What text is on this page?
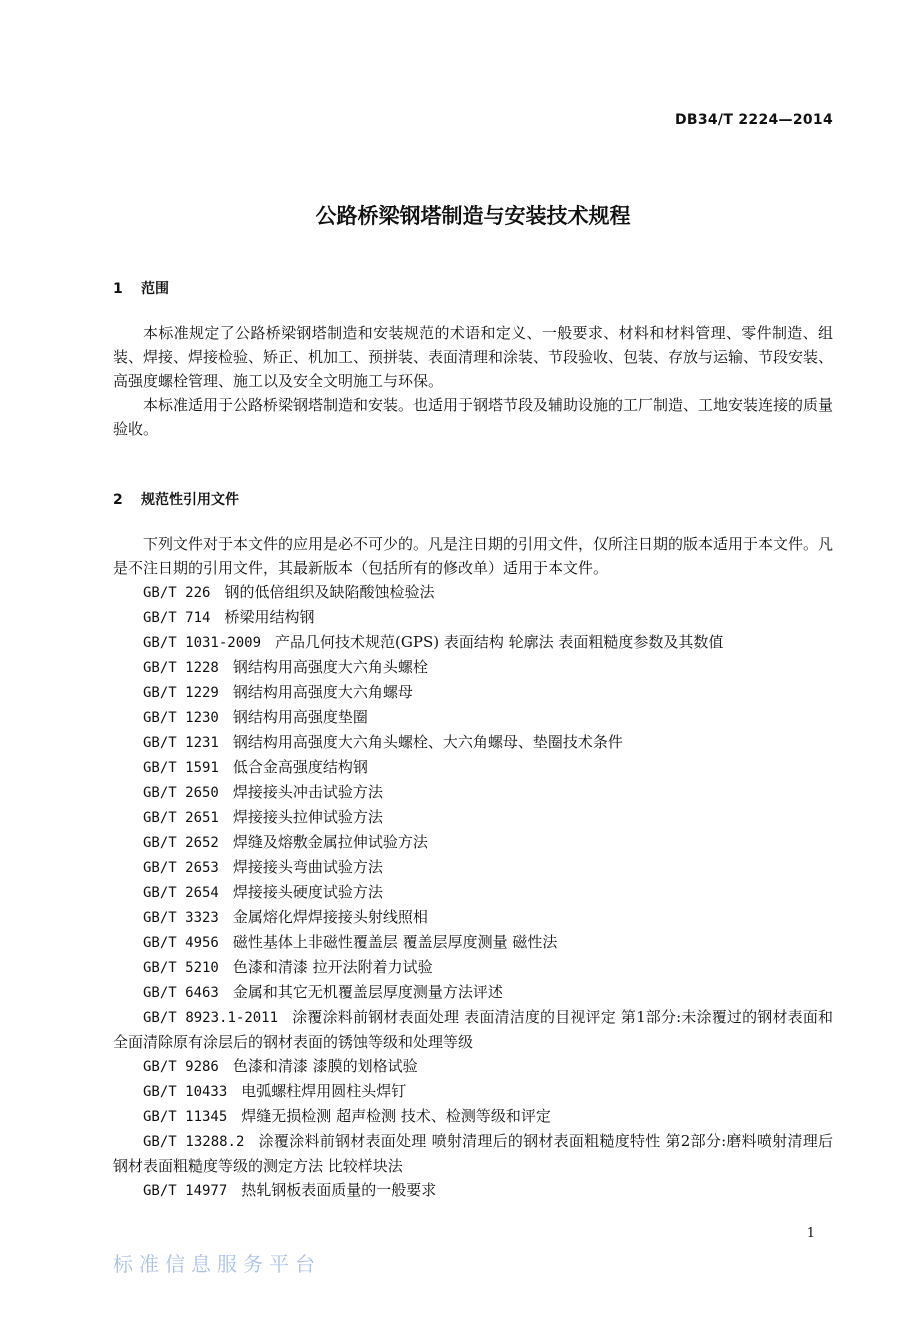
DB34/T 2224—2014

公路桥梁钢塔制造与安装技术规程
1 范围

本标准规定了公路桥梁钢塔制造和安装规范的术语和定义、一般要求、材料和材料管理、零件制造、组装、焊接、焊接检验、矫正、机加工、预拼装、表面清理和涂装、节段验收、包装、存放与运输、节段安装、高强度螺栓管理、施工以及安全文明施工与环保。

本标准适用于公路桥梁钢塔制造和安装。也适用于钢塔节段及辅助设施的工厂制造、工地安装连接的质量验收。

2 规范性引用文件

下列文件对于本文件的应用是必不可少的。凡是注日期的引用文件，仅所注日期的版本适用于本文件。凡是不注日期的引用文件，其最新版本（包括所有的修改单）适用于本文件。

GB/T 226 钢的低倍组织及缺陷酸蚀检验法
GB/T 714 桥梁用结构钢
GB/T 1031-2009 产品几何技术规范(GPS) 表面结构 轮廓法 表面粗糙度参数及其数值
GB/T 1228 钢结构用高强度大六角头螺栓
GB/T 1229 钢结构用高强度大六角螺母
GB/T 1230 钢结构用高强度垫圈
GB/T 1231 钢结构用高强度大六角头螺栓、大六角螺母、垫圈技术条件
GB/T 1591 低合金高强度结构钢
GB/T 2650 焊接接头冲击试验方法
GB/T 2651 焊接接头拉伸试验方法
GB/T 2652 焊缝及熔敷金属拉伸试验方法
GB/T 2653 焊接接头弯曲试验方法
GB/T 2654 焊接接头硬度试验方法
GB/T 3323 金属熔化焊焊接接头射线照相
GB/T 4956 磁性基体上非磁性覆盖层 覆盖层厚度测量 磁性法
GB/T 5210 色漆和清漆 拉开法附着力试验
GB/T 6463 金属和其它无机覆盖层厚度测量方法评述
GB/T 8923.1-2011 涂覆涂料前钢材表面处理 表面清洁度的目视评定 第1部分:未涂覆过的钢材表面和全面清除原有涂层后的钢材表面的锈蚀等级和处理等级
GB/T 9286 色漆和清漆 漆膜的划格试验
GB/T 10433 电弧螺柱焊用圆柱头焊钉
GB/T 11345 焊缝无损检测 超声检测 技术、检测等级和评定
GB/T 13288.2 涂覆涂料前钢材表面处理 喷射清理后的钢材表面粗糙度特性 第2部分:磨料喷射清理后钢材表面粗糙度等级的测定方法 比较样块法
GB/T 14977 热轧钢板表面质量的一般要求
1
标准信息服务平台
